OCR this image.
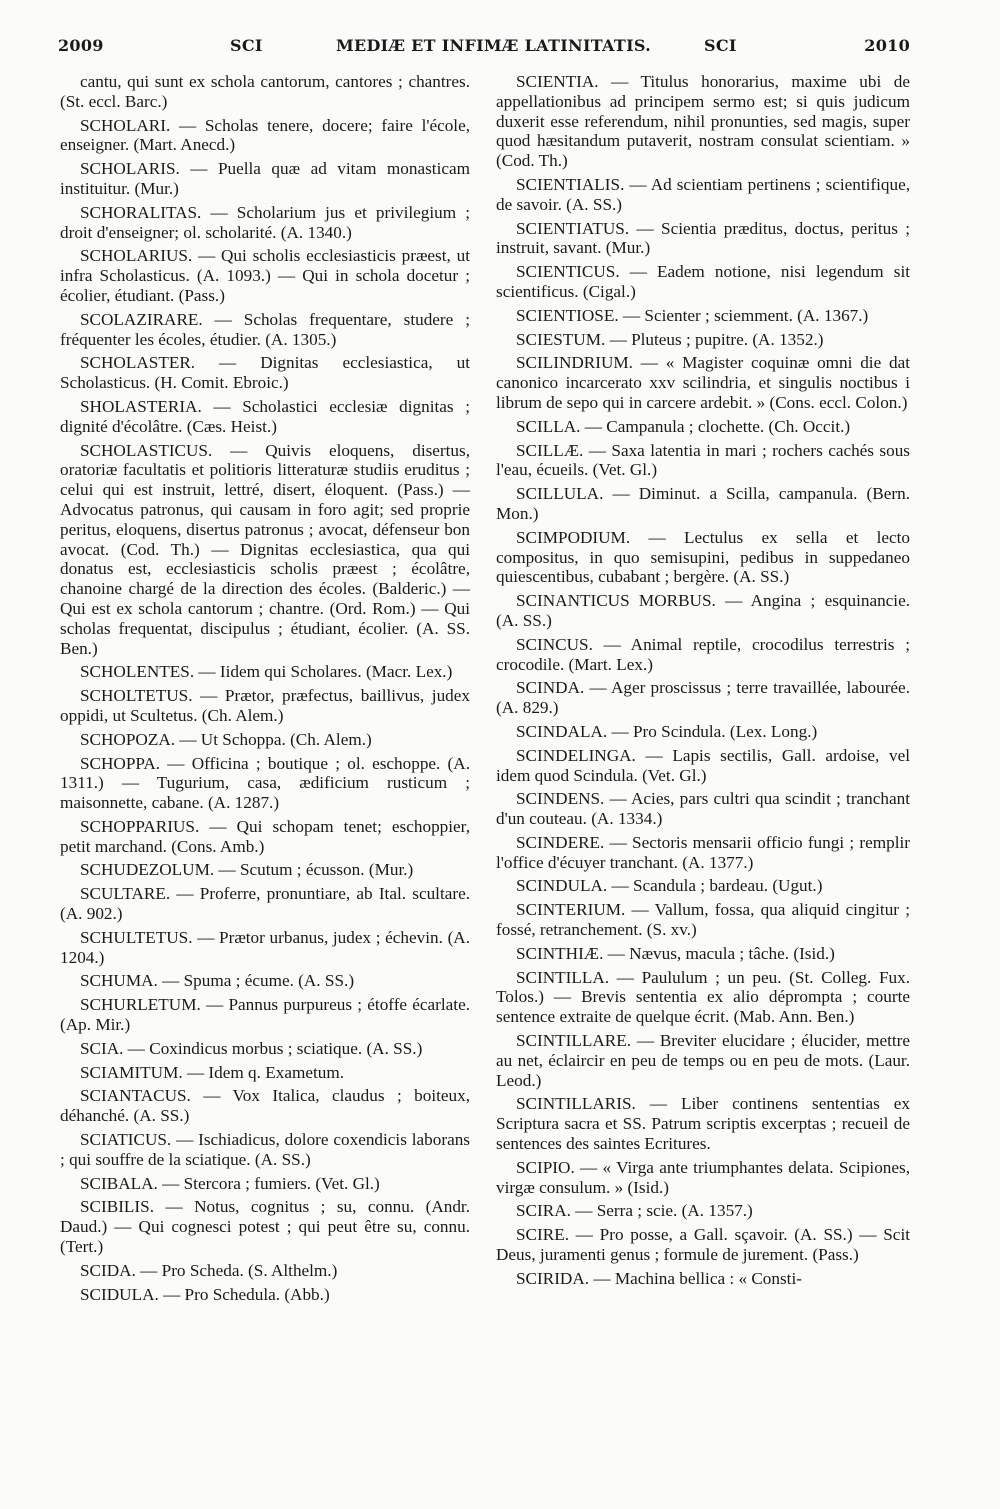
2009	SCI	MEDIÆ ET INFIMÆ LATINITATIS.	SCI	2010

cantu, qui sunt ex schola cantorum, cantores ; chantres. (St. eccl. Barc.)

SCHOLARI. — Scholas tenere, docere; faire l'école, enseigner. (Mart. Anecd.)

SCHOLARIS. — Puella quæ ad vitam monasticam instituitur. (Mur.)

SCHORALITAS. — Scholarium jus et privilegium ; droit d'enseigner; ol. scholarité. (A. 1340.)

SCHOLARIUS. — Qui scholis ecclesiasticis præest, ut infra Scholasticus. (A. 1093.) — Qui in schola docetur ; écolier, étudiant. (Pass.)

SCOLAZIRARE. — Scholas frequentare, studere ; fréquenter les écoles, étudier. (A. 1305.)

SCHOLASTER. — Dignitas ecclesiastica, ut Scholasticus. (H. Comit. Ebroic.)

SHOLASTERIA. — Scholastici ecclesiæ dignitas ; dignité d'écolâtre. (Cæs. Heist.)

SCHOLASTICUS. — Quivis eloquens, disertus, oratoriæ facultatis et politioris litteraturæ studiis eruditus ; celui qui est instruit, lettré, disert, éloquent. (Pass.) — Advocatus patronus, qui causam in foro agit; sed proprie peritus, eloquens, disertus patronus ; avocat, défenseur bon avocat. (Cod. Th.) — Dignitas ecclesiastica, qua qui donatus est, ecclesiasticis scholis præest ; écolâtre, chanoine chargé de la direction des écoles. (Balderic.) — Qui est ex schola cantorum ; chantre. (Ord. Rom.) — Qui scholas frequentat, discipulus ; étudiant, écolier. (A. SS. Ben.)

SCHOLENTES. — Iidem qui Scholares. (Macr. Lex.)

SCHOLTETUS. — Prætor, præfectus, baillivus, judex oppidi, ut Scultetus. (Ch. Alem.)

SCHOPOZA. — Ut Schoppa. (Ch. Alem.)

SCHOPPA. — Officina ; boutique ; ol. eschoppe. (A. 1311.) — Tugurium, casa, ædificium rusticum ; maisonnette, cabane. (A. 1287.)

SCHOPPARIUS. — Qui schopam tenet; eschoppier, petit marchand. (Cons. Amb.)

SCHUDEZOLUM. — Scutum ; écusson. (Mur.)

SCULTARE. — Proferre, pronuntiare, ab Ital. scultare. (A. 902.)

SCHULTETUS. — Prætor urbanus, judex ; échevin. (A. 1204.)

SCHUMA. — Spuma ; écume. (A. SS.)

SCHURLETUM. — Pannus purpureus ; étoffe écarlate. (Ap. Mir.)

SCIA. — Coxindicus morbus ; sciatique. (A. SS.)

SCIAMITUM. — Idem q. Exametum.

SCIANTACUS. — Vox Italica, claudus ; boiteux, déhanché. (A. SS.)

SCIATICUS. — Ischiadicus, dolore coxendicis laborans ; qui souffre de la sciatique. (A. SS.)

SCIBALA. — Stercora ; fumiers. (Vet. Gl.)

SCIBILIS. — Notus, cognitus ; su, connu. (Andr. Daud.) — Qui cognesci potest ; qui peut être su, connu. (Tert.)

SCIDA. — Pro Scheda. (S. Althelm.)

SCIDULA. — Pro Schedula. (Abb.)

SCIENTIA. — Titulus honorarius, maxime ubi de appellationibus ad principem sermo est; si quis judicum duxerit esse referendum, nihil pronunties, sed magis, super quod hæsitandum putaverit, nostram consulat scientiam. » (Cod. Th.)

SCIENTIALIS. — Ad scientiam pertinens ; scientifique, de savoir. (A. SS.)

SCIENTIATUS. — Scientia præditus, doctus, peritus ; instruit, savant. (Mur.)

SCIENTICUS. — Eadem notione, nisi legendum sit scientificus. (Cigal.)

SCIENTIOSE. — Scienter ; sciemment. (A. 1367.)

SCIESTUM. — Pluteus ; pupitre. (A. 1352.)

SCILINDRIUM. — « Magister coquinæ omni die dat canonico incarcerato xxv scilindria, et singulis noctibus i librum de sepo qui in carcere ardebit. » (Cons. eccl. Colon.)

SCILLA. — Campanula ; clochette. (Ch. Occit.)

SCILLÆ. — Saxa latentia in mari ; rochers cachés sous l'eau, écueils. (Vet. Gl.)

SCILLULA. — Diminut. a Scilla, campanula. (Bern. Mon.)

SCIMPODIUM. — Lectulus ex sella et lecto compositus, in quo semisupini, pedibus in suppedaneo quiescentibus, cubabant ; bergère. (A. SS.)

SCINANTICUS MORBUS. — Angina ; esquinancie. (A. SS.)

SCINCUS. — Animal reptile, crocodilus terrestris ; crocodile. (Mart. Lex.)

SCINDA. — Ager proscissus ; terre travaillée, labourée. (A. 829.)

SCINDALA. — Pro Scindula. (Lex. Long.)

SCINDELINGA. — Lapis sectilis, Gall. ardoise, vel idem quod Scindula. (Vet. Gl.)

SCINDENS. — Acies, pars cultri qua scindit ; tranchant d'un couteau. (A. 1334.)

SCINDERE. — Sectoris mensarii officio fungi ; remplir l'office d'écuyer tranchant. (A. 1377.)

SCINDULA. — Scandula ; bardeau. (Ugut.)

SCINTERIUM. — Vallum, fossa, qua aliquid cingitur ; fossé, retranchement. (S. xv.)

SCINTHIÆ. — Nævus, macula ; tâche. (Isid.)

SCINTILLA. — Paululum ; un peu. (St. Colleg. Fux. Tolos.) — Brevis sententia ex alio déprompta ; courte sentence extraite de quelque écrit. (Mab. Ann. Ben.)

SCINTILLARE. — Breviter elucidare ; élucider, mettre au net, éclaircir en peu de temps ou en peu de mots. (Laur. Leod.)

SCINTILLARIS. — Liber continens sententias ex Scriptura sacra et SS. Patrum scriptis excerptas ; recueil de sentences des saintes Ecritures.

SCIPIO. — « Virga ante triumphantes delata. Scipiones, virgæ consulum. » (Isid.)

SCIRA. — Serra ; scie. (A. 1357.)

SCIRE. — Pro posse, a Gall. sçavoir. (A. SS.) — Scit Deus, juramenti genus ; formule de jurement. (Pass.)

SCIRIDA. — Machina bellica : « Consti-
